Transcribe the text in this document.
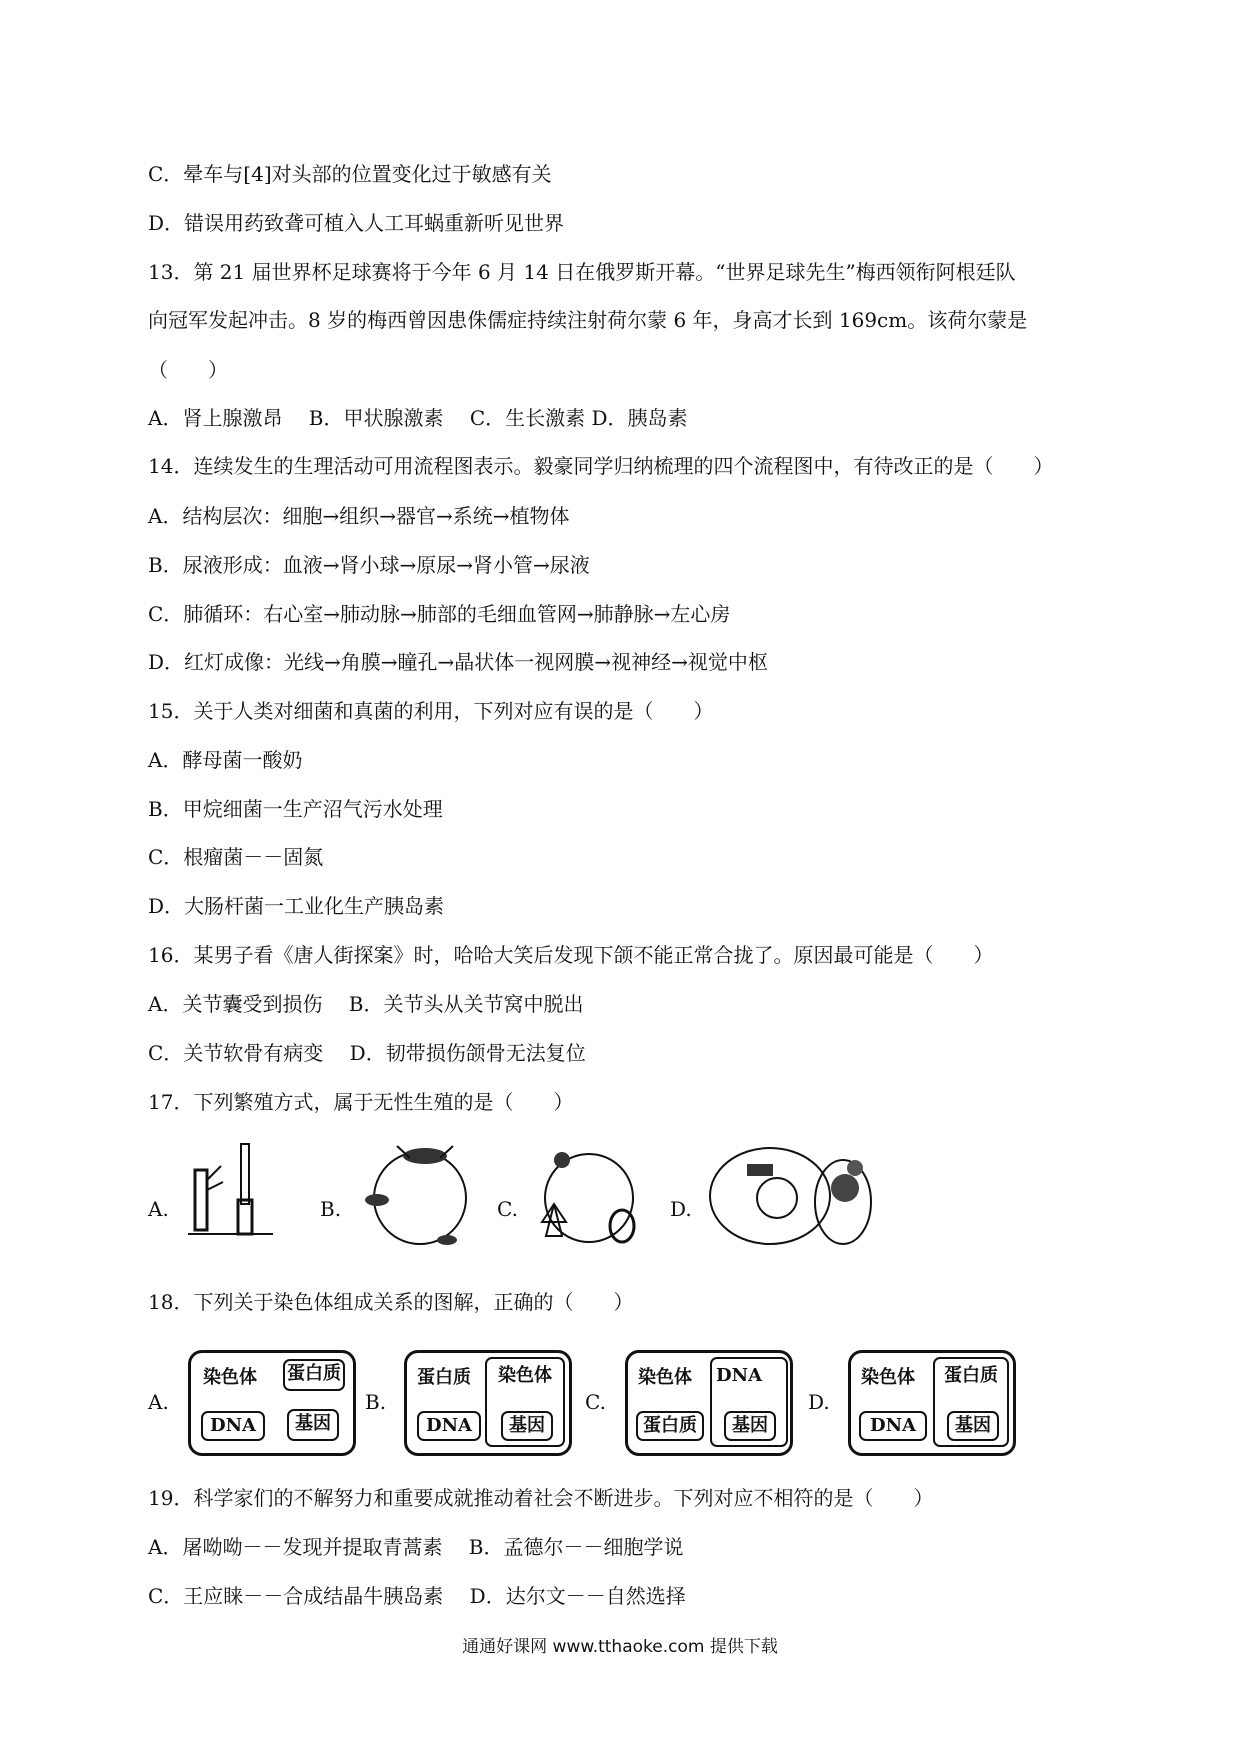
C．晕车与[4]对头部的位置变化过于敏感有关
D．错误用药致聋可植入人工耳蜗重新听见世界
13．第 21 届世界杯足球赛将于今年 6 月 14 日在俄罗斯开幕。“世界足球先生”梅西领衔阿根廷队
向冠军发起冲击。8 岁的梅西曾因患侏儒症持续注射荷尔蒙 6 年，身高才长到 169cm。该荷尔蒙是
（　　）
A．肾上腺激昂　 B．甲状腺激素　 C．生长激素 D．胰岛素
14．连续发生的生理活动可用流程图表示。毅豪同学归纳梳理的四个流程图中，有待改正的是（　　）
A．结构层次：细胞→组织→器官→系统→植物体
B．尿液形成：血液→肾小球→原尿→肾小管→尿液
C．肺循环：右心室→肺动脉→肺部的毛细血管网→肺静脉→左心房
D．红灯成像：光线→角膜→瞳孔→晶状体一视网膜→视神经→视觉中枢
15．关于人类对细菌和真菌的利用，下列对应有误的是（　　）
A．酵母菌一酸奶
B．甲烷细菌一生产沼气污水处理
C．根瘤菌－－固氮
D．大肠杆菌一工业化生产胰岛素
16．某男子看《唐人街探案》时，哈哈大笑后发现下颌不能正常合拢了。原因最可能是（　　）
A．关节囊受到损伤　 B．关节头从关节窝中脱出
C．关节软骨有病变　 D．韧带损伤颌骨无法复位
17．下列繁殖方式，属于无性生殖的是（　　）
A.	B.	C.	D.
18．下列关于染色体组成关系的图解，正确的（　　）
A.
染色体 蛋白质
DNA	基因
B.
蛋白质	染色体
DNA	基因
C.
染色体	DNA
蛋白质	基因
D.
染色体	蛋白质
DNA	基因
19．科学家们的不解努力和重要成就推动着社会不断进步。下列对应不相符的是（　　）
A．屠呦呦－－发现并提取青蒿素　 B．孟德尔－－细胞学说
C．王应睐－－合成结晶牛胰岛素　 D．达尔文－－自然选择
通通好课网 www.tthaoke.com 提供下载
